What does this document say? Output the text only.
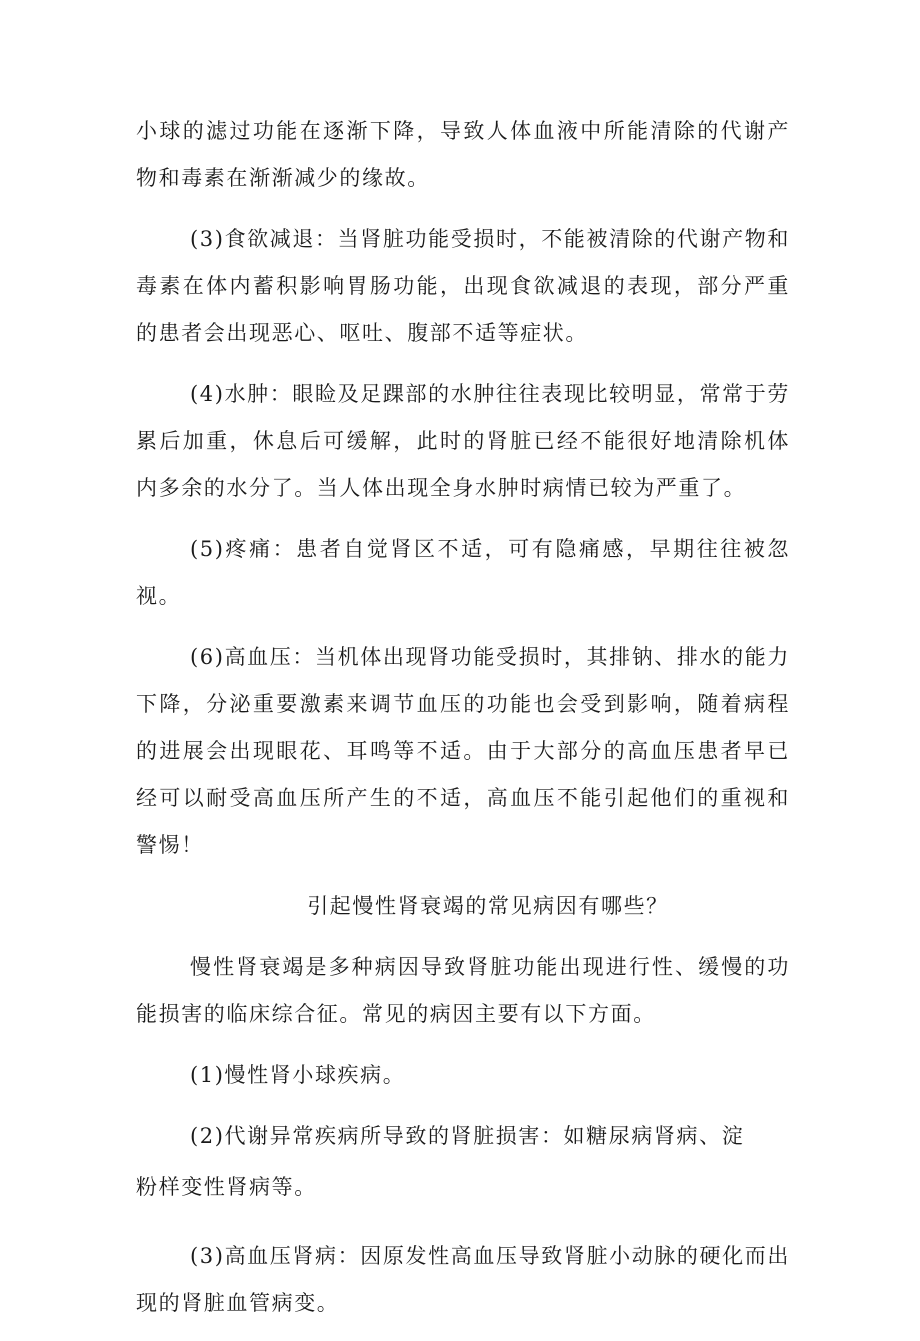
小球的滤过功能在逐渐下降，导致人体血液中所能清除的代谢产物和毒素在渐渐减少的缘故。

(3)食欲减退：当肾脏功能受损时，不能被清除的代谢产物和毒素在体内蓄积影响胃肠功能，出现食欲减退的表现，部分严重的患者会出现恶心、呕吐、腹部不适等症状。

(4)水肿：眼睑及足踝部的水肿往往表现比较明显，常常于劳累后加重，休息后可缓解，此时的肾脏已经不能很好地清除机体内多余的水分了。当人体出现全身水肿时病情已较为严重了。

(5)疼痛：患者自觉肾区不适，可有隐痛感，早期往往被忽视。

(6)高血压：当机体出现肾功能受损时，其排钠、排水的能力下降，分泌重要激素来调节血压的功能也会受到影响，随着病程的进展会出现眼花、耳鸣等不适。由于大部分的高血压患者早已经可以耐受高血压所产生的不适，高血压不能引起他们的重视和警惕！

引起慢性肾衰竭的常见病因有哪些？

慢性肾衰竭是多种病因导致肾脏功能出现进行性、缓慢的功能损害的临床综合征。常见的病因主要有以下方面。

(1)慢性肾小球疾病。

(2)代谢异常疾病所导致的肾脏损害：如糖尿病肾病、淀

粉样变性肾病等。

(3)高血压肾病：因原发性高血压导致肾脏小动脉的硬化而出现的肾脏血管病变。
